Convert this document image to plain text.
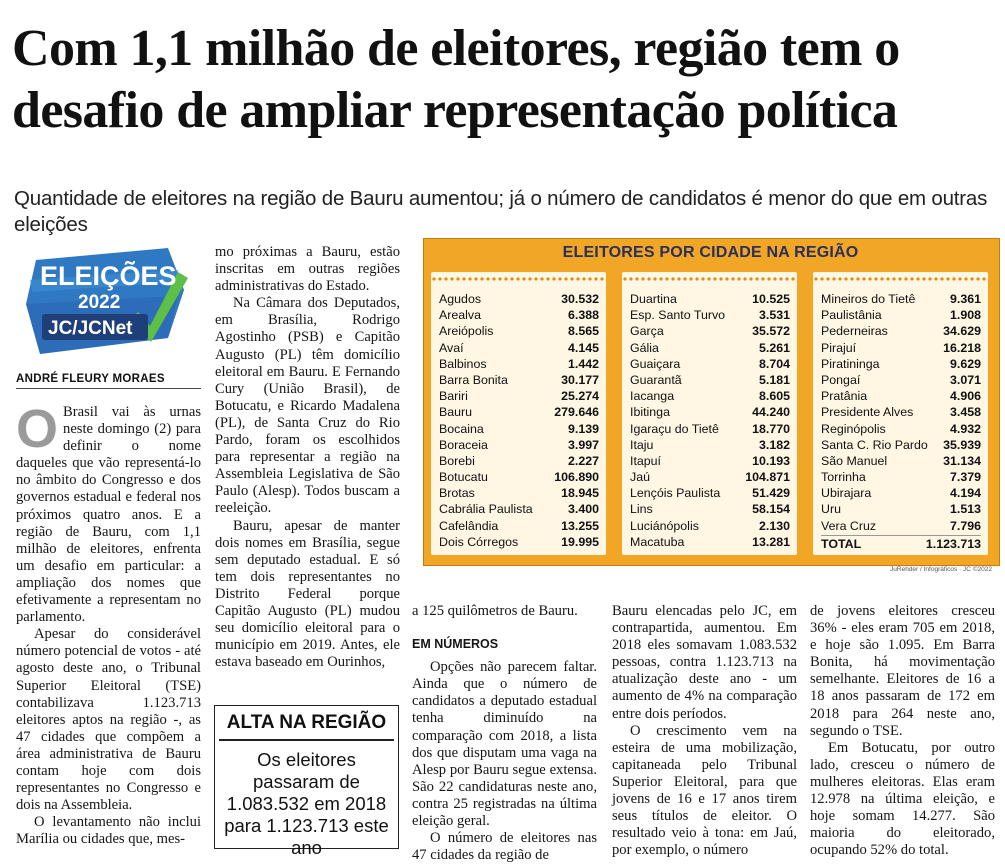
Com 1,1 milhão de eleitores, região tem o desafio de ampliar representação política

Quantidade de eleitores na região de Bauru aumentou; já o número de candidatos é menor do que em outras eleições

ELEIÇÕES
2022
JC/JCNet
ANDRÉ FLEURY MORAES

O Brasil vai às urnas neste domingo (2) para definir o nome daqueles que vão representá-lo no âmbito do Congresso e dos governos estadual e federal nos próximos quatro anos. E a região de Bauru, com 1,1 milhão de eleitores, enfrenta um desafio em particular: a ampliação dos nomes que efetivamente a representam no parlamento.

Apesar do considerável número potencial de votos - até agosto deste ano, o Tribunal Superior Eleitoral (TSE) contabilizava 1.123.713 eleitores aptos na região -, as 47 cidades que compõem a área administrativa de Bauru contam hoje com dois representantes no Congresso e dois na Assembleia.

O levantamento não inclui Marília ou cidades que, mes-

mo próximas a Bauru, estão inscritas em outras regiões administrativas do Estado.

Na Câmara dos Deputados, em Brasília, Rodrigo Agostinho (PSB) e Capitão Augusto (PL) têm domicílio eleitoral em Bauru. E Fernando Cury (União Brasil), de Botucatu, e Ricardo Madalena (PL), de Santa Cruz do Rio Pardo, foram os escolhidos para representar a região na Assembleia Legislativa de São Paulo (Alesp). Todos buscam a reeleição.

Bauru, apesar de manter dois nomes em Brasília, segue sem deputado estadual. E só tem dois representantes no Distrito Federal porque Capitão Augusto (PL) mudou seu domicílio eleitoral para o município em 2019. Antes, ele estava baseado em Ourinhos,

ALTA NA REGIÃO
Os eleitores passaram de 1.083.532 em 2018 para 1.123.713 este ano
ELEITORES POR CIDADE NA REGIÃO
Agudos	30.532
Arealva	6.388
Areiópolis	8.565
Avaí	4.145
Balbinos	1.442
Barra Bonita	30.177
Bariri	25.274
Bauru	279.646
Bocaina	9.139
Boraceia	3.997
Borebi	2.227
Botucatu	106.890
Brotas	18.945
Cabrália Paulista	3.400
Cafelândia	13.255
Dois Córregos	19.995
Duartina	10.525
Esp. Santo Turvo	3.531
Garça	35.572
Gália	5.261
Guaiçara	8.704
Guarantã	5.181
Iacanga	8.605
Ibitinga	44.240
Igaraçu do Tietê	18.770
Itaju	3.182
Itapuí	10.193
Jaú	104.871
Lençóis Paulista	51.429
Lins	58.154
Luciánópolis	2.130
Macatuba	13.281
Mineiros do Tietê	9.361
Paulistânia	1.908
Pederneiras	34.629
Pirajuí	16.218
Piratininga	9.629
Pongaí	3.071
Pratânia	4.906
Presidente Alves	3.458
Reginópolis	4.932
Santa C. Rio Pardo 35.939
São Manuel	31.134
Torrinha	7.379
Ubirajara	4.194
Uru	1.513
Vera Cruz	7.796
TOTAL	1.123.713
JuRehder / Infográficos · JC ©2022

a 125 quilômetros de Bauru.

EM NÚMEROS

Opções não parecem faltar. Ainda que o número de candidatos a deputado estadual tenha diminuído na comparação com 2018, a lista dos que disputam uma vaga na Alesp por Bauru segue extensa. São 22 candidaturas neste ano, contra 25 registradas na última eleição geral.

O número de eleitores nas 47 cidades da região de

Bauru elencadas pelo JC, em contrapartida, aumentou. Em 2018 eles somavam 1.083.532 pessoas, contra 1.123.713 na atualização deste ano - um aumento de 4% na comparação entre dois períodos.

O crescimento vem na esteira de uma mobilização, capitaneada pelo Tribunal Superior Eleitoral, para que jovens de 16 e 17 anos tirem seus títulos de eleitor. O resultado veio à tona: em Jaú, por exemplo, o número

de jovens eleitores cresceu 36% - eles eram 705 em 2018, e hoje são 1.095. Em Barra Bonita, há movimentação semelhante. Eleitores de 16 a 18 anos passaram de 172 em 2018 para 264 neste ano, segundo o TSE.

Em Botucatu, por outro lado, cresceu o número de mulheres eleitoras. Elas eram 12.978 na última eleição, e hoje somam 14.277. São maioria do eleitorado, ocupando 52% do total.
